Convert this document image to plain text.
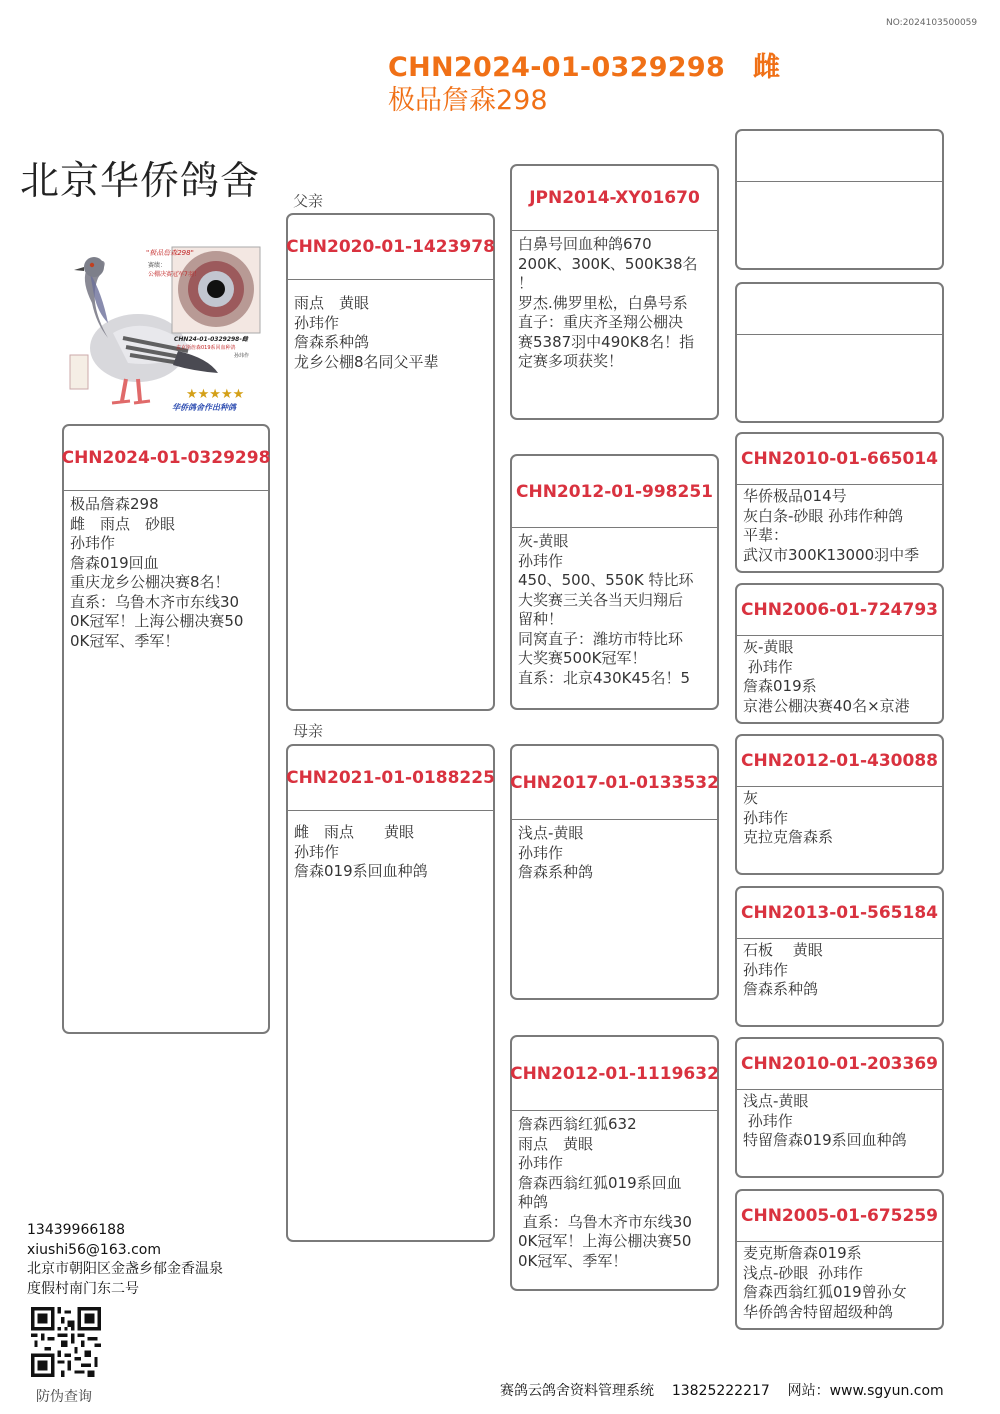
NO:2024103500059
CHN2024-01-0329298 雌
极品詹森298
北京华侨鸽舍
"极品詹森298"
赛绩：
公棚决赛冠军7羽！
CHN24-01-0329298-雌
麦克斯詹森019系回血种鸽
孙玮作
★★★★★
华侨鸽舍作出种鸽
CHN2024-01-0329298
极品詹森298
雌　雨点　砂眼
孙玮作
詹森019回血
重庆龙乡公棚决赛8名！
直系：乌鲁木齐市东线30
0K冠军！上海公棚决赛50
0K冠军、季军！
父亲
母亲
CHN2020-01-1423978
雨点　黄眼
孙玮作
詹森系种鸽
龙乡公棚8名同父平辈
CHN2021-01-0188225
雌　雨点　　黄眼
孙玮作
詹森019系回血种鸽
JPN2014-XY01670
白鼻号回血种鸽670
200K、300K、500K38名
！
罗杰.佛罗里松，白鼻号系
直子：重庆齐圣翔公棚决
赛5387羽中490K8名！指
定赛多项获奖！
CHN2012-01-998251
灰-黄眼
孙玮作
450、500、550K 特比环
大奖赛三关各当天归翔后
留种！
同窝直子：潍坊市特比环
大奖赛500K冠军！
直系：北京430K45名！5
CHN2017-01-0133532
浅点-黄眼
孙玮作
詹森系种鸽
CHN2012-01-1119632
詹森西翁红狐632
雨点　黄眼
孙玮作
詹森西翁红狐019系回血
种鸽
直系：乌鲁木齐市东线30
0K冠军！上海公棚决赛50
0K冠军、季军！
CHN2010-01-665014
华侨极品014号
灰白条-砂眼 孙玮作种鸽
平辈：
武汉市300K13000羽中季
CHN2006-01-724793
灰-黄眼
孙玮作
詹森019系
京港公棚决赛40名×京港
CHN2012-01-430088
灰
孙玮作
克拉克詹森系
CHN2013-01-565184
石板　 黄眼
孙玮作
詹森系种鸽
CHN2010-01-203369
浅点-黄眼
孙玮作
特留詹森019系回血种鸽
CHN2005-01-675259
麦克斯詹森019系
浅点-砂眼  孙玮作
詹森西翁红狐019曾孙女
华侨鸽舍特留超级种鸽
13439966188
xiushi56@163.com
北京市朝阳区金盏乡郁金香温泉
度假村南门东二号
防伪查询	赛鸽云鸽舍资料管理系统 13825222217 网站：www.sgyun.com
